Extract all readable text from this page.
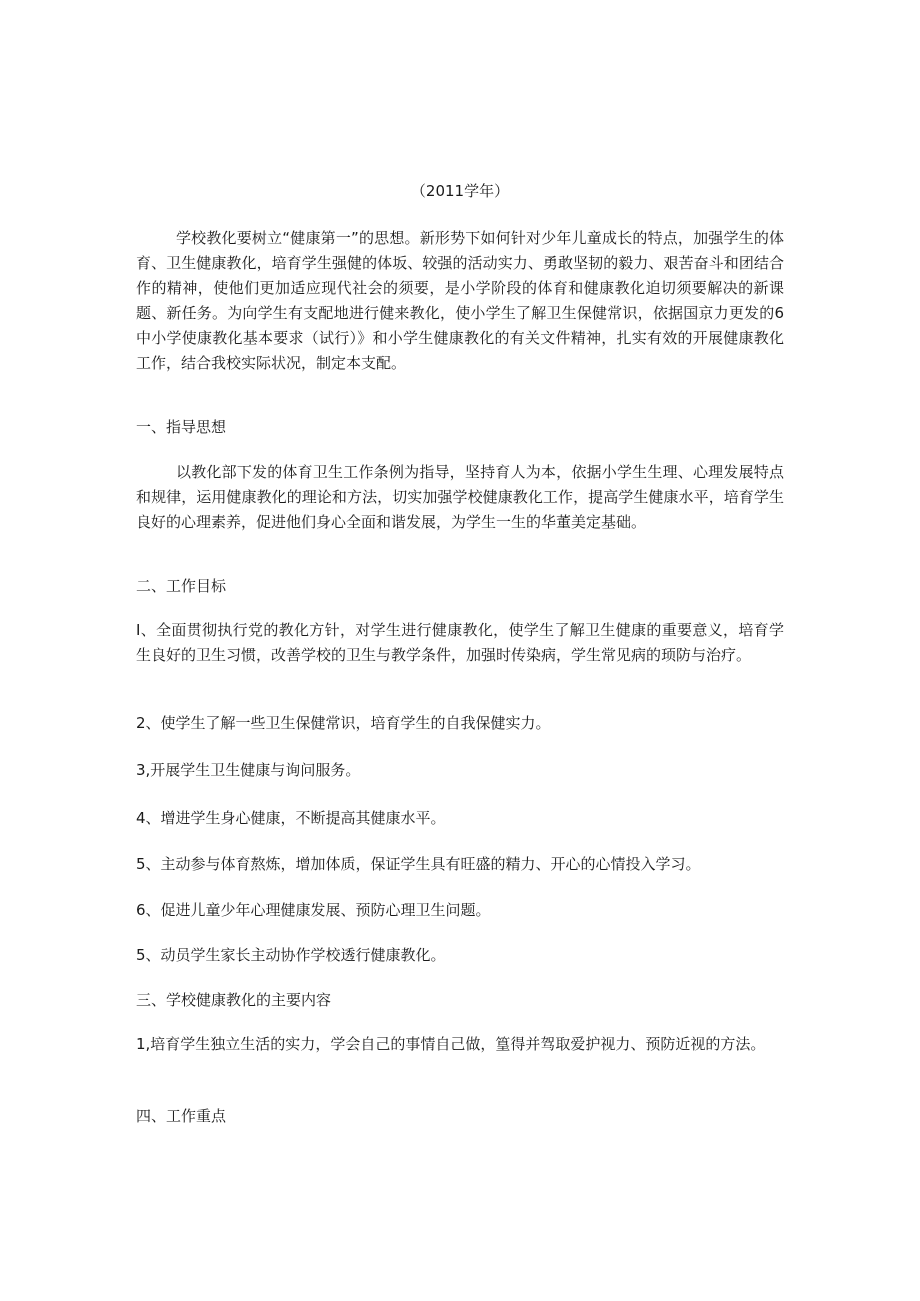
（2011学年）
学校教化要树立“健康第一”的思想。新形势下如何针对少年儿童成长的特点，加强学生的体育、卫生健康教化，培育学生强健的体坂、较强的活动实力、勇敢坚韧的毅力、艰苦奋斗和团结合作的精神，使他们更加适应现代社会的须要，是小学阶段的体育和健康教化迫切须要解决的新课题、新任务。为向学生有支配地进行健来教化，使小学生了解卫生保健常识，依据国京力更发的6中小学使康教化基本要求（试行）》和小学生健康教化的有关文件精神，扎实有效的开展健康教化工作，结合我校实际状况，制定本支配。
一、指导思想
以教化部下发的体育卫生工作条例为指导，坚持育人为本，依据小学生生理、心理发展特点和规律，运用健康教化的理论和方法，切实加强学校健康教化工作，提高学生健康水平，培育学生良好的心理素养，促进他们身心全面和谐发展，为学生一生的华董美定基础。
二、工作目标
I、全面贯彻执行党的教化方针，对学生进行健康教化，使学生了解卫生健康的重要意义，培育学生良好的卫生习惯，改善学校的卫生与教学条件，加强时传染病，学生常见病的顼防与治疗。
2、使学生了解一些卫生保健常识，培育学生的自我保健实力。
3,开展学生卫生健康与询问服务。
4、增进学生身心健康，不断提高其健康水平。
5、主动参与体育熬炼，增加体质，保证学生具有旺盛的精力、开心的心情投入学习。
6、促进儿童少年心理健康发展、预防心理卫生问题。
5、动员学生家长主动协作学校透行健康教化。
三、学校健康教化的主要内容
1,培育学生独立生活的实力，学会自己的事情自己做，篁得并驾取爱护视力、预防近视的方法。
四、工作重点
